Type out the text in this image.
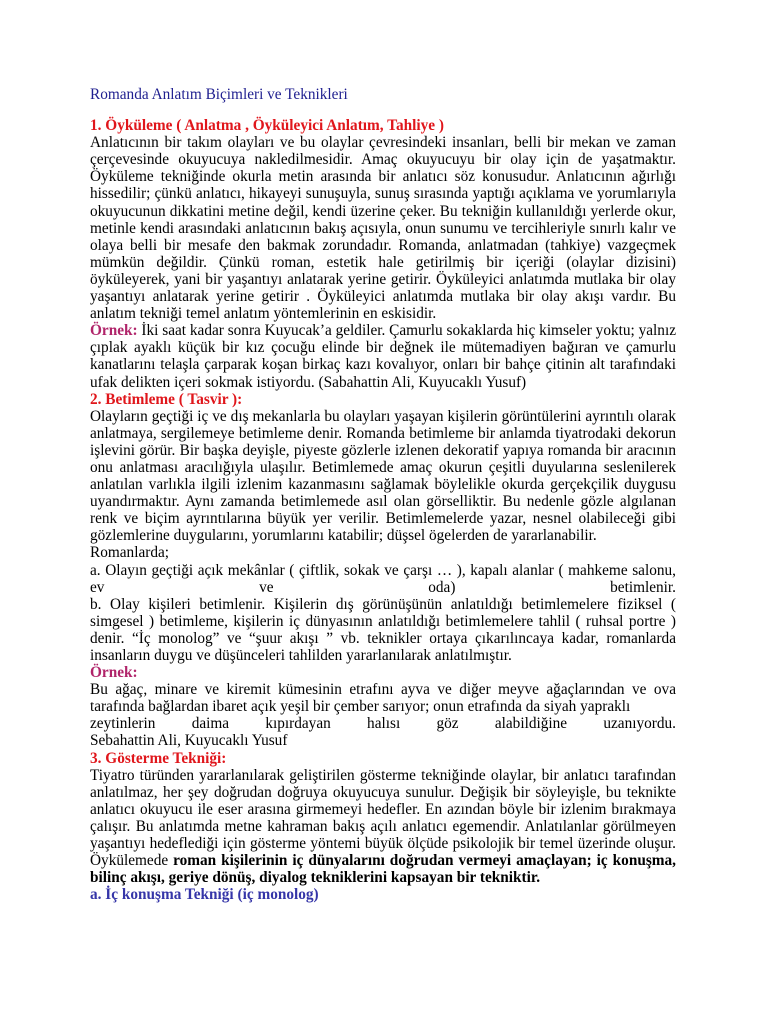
Romanda Anlatım Biçimleri ve Teknikleri
1. Öyküleme ( Anlatma , Öyküleyici Anlatım, Tahliye )

Anlatıcının bir takım olayları ve bu olaylar çevresindeki insanları, belli bir mekan ve zaman çerçevesinde okuyucuya nakledilmesidir. Amaç okuyucuyu bir olay için de yaşatmaktır. Öyküleme tekniğinde okurla metin arasında bir anlatıcı söz konusudur. Anlatıcının ağırlığı hissedilir; çünkü anlatıcı, hikayeyi sunuşuyla, sunuş sırasında yaptığı açıklama ve yorumlarıyla okuyucunun dikkatini metine değil, kendi üzerine çeker. Bu tekniğin kullanıldığı yerlerde okur, metinle kendi arasındaki anlatıcının bakış açısıyla, onun sunumu ve tercihleriyle sınırlı kalır ve olaya belli bir mesafe den bakmak zorundadır. Romanda, anlatmadan (tahkiye) vazgeçmek mümkün değildir. Çünkü roman, estetik hale getirilmiş bir içeriği (olaylar dizisini) öyküleyerek, yani bir yaşantıyı anlatarak yerine getirir. Öyküleyici anlatımda mutlaka bir olay yaşantıyı anlatarak yerine getirir . Öyküleyici anlatımda mutlaka bir olay akışı vardır. Bu anlatım tekniği temel anlatım yöntemlerinin en eskisidir.

Örnek: İki saat kadar sonra Kuyucak’a geldiler. Çamurlu sokaklarda hiç kimseler yoktu; yalnız çıplak ayaklı küçük bir kız çocuğu elinde bir değnek ile mütemadiyen bağıran ve çamurlu kanatlarını telaşla çarparak koşan birkaç kazı kovalıyor, onları bir bahçe çitinin alt tarafındaki ufak delikten içeri sokmak istiyordu. (Sabahattin Ali, Kuyucaklı Yusuf)

2. Betimleme ( Tasvir ):

Olayların geçtiği iç ve dış mekanlarla bu olayları yaşayan kişilerin görüntülerini ayrıntılı olarak anlatmaya, sergilemeye betimleme denir. Romanda betimleme bir anlamda tiyatrodaki dekorun işlevini görür. Bir başka deyişle, piyeste gözlerle izlenen dekoratif yapıya romanda bir aracının onu anlatması aracılığıyla ulaşılır. Betimlemede amaç okurun çeşitli duyularına seslenilerek anlatılan varlıkla ilgili izlenim kazanmasını sağlamak böylelikle okurda gerçekçilik duygusu uyandırmaktır. Aynı zamanda betimlemede asıl olan görselliktir. Bu nedenle gözle algılanan renk ve biçim ayrıntılarına büyük yer verilir. Betimlemelerde yazar, nesnel olabileceği gibi gözlemlerine duygularını, yorumlarını katabilir; düşsel ögelerden de yararlanabilir.

Romanlarda;

a. Olayın geçtiği açık mekânlar ( çiftlik, sokak ve çarşı … ), kapalı alanlar ( mahkeme salonu,

ev ve oda) betimlenir.

b. Olay kişileri betimlenir. Kişilerin dış görünüşünün anlatıldığı betimlemelere fiziksel ( simgesel ) betimleme, kişilerin iç dünyasının anlatıldığı betimlemelere tahlil ( ruhsal portre ) denir. “İç monolog” ve “şuur akışı ” vb. teknikler ortaya çıkarılıncaya kadar, romanlarda insanların duygu ve düşünceleri tahlilden yararlanılarak anlatılmıştır.

Örnek:

Bu ağaç, minare ve kiremit kümesinin etrafını ayva ve diğer meyve ağaçlarından ve ova tarafında bağlardan ibaret açık yeşil bir çember sarıyor; onun etrafında da siyah yapraklı

zeytinlerin daima kıpırdayan halısı göz alabildiğine uzanıyordu.

Sebahattin Ali, Kuyucaklı Yusuf

3. Gösterme Tekniği:

Tiyatro türünden yararlanılarak geliştirilen gösterme tekniğinde olaylar, bir anlatıcı tarafından anlatılmaz, her şey doğrudan doğruya okuyucuya sunulur. Değişik bir söyleyişle, bu teknikte anlatıcı okuyucu ile eser arasına girmemeyi hedefler. En azından böyle bir izlenim bırakmaya çalışır. Bu anlatımda metne kahraman bakış açılı anlatıcı egemendir. Anlatılanlar görülmeyen yaşantıyı hedeflediği için gösterme yöntemi büyük ölçüde psikolojik bir temel üzerinde oluşur. Öykülemede roman kişilerinin iç dünyalarını doğrudan vermeyi amaçlayan; iç konuşma, bilinç akışı, geriye dönüş, diyalog tekniklerini kapsayan bir tekniktir.

a. İç konuşma Tekniği (iç monolog)
